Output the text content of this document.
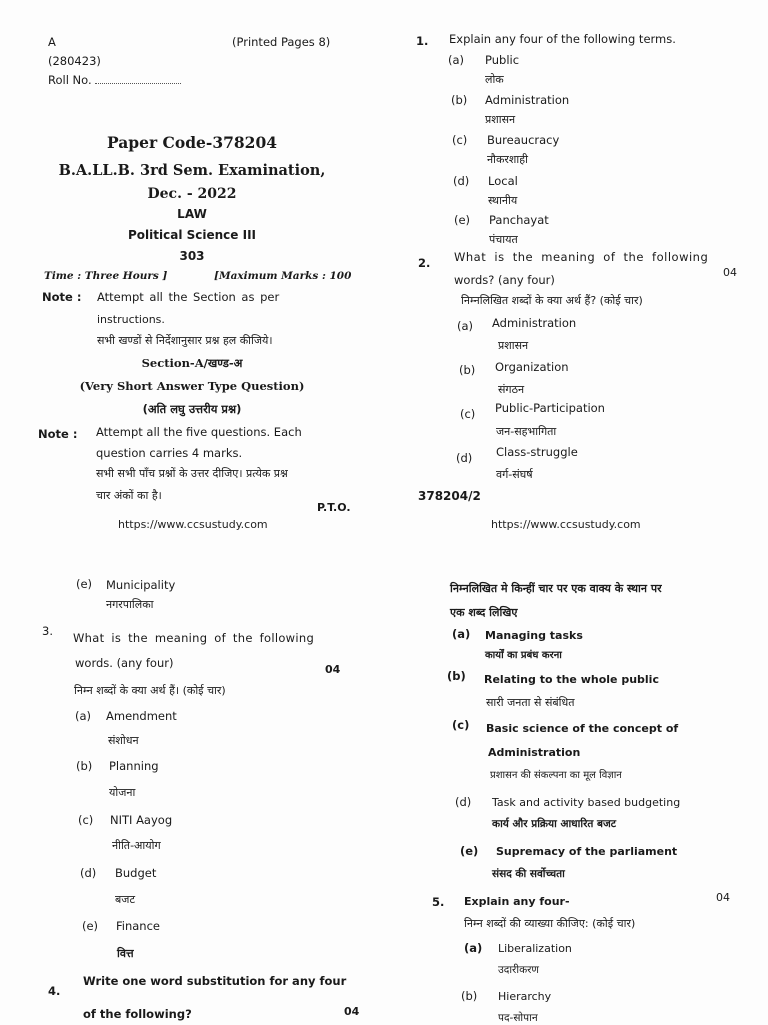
A	(Printed Pages 8)
(280423)
Roll No.
Paper Code-378204
B.A.LL.B. 3rd Sem. Examination,
Dec. - 2022
LAW
Political Science III
303
Time : Three Hours ]	[Maximum Marks : 100
Note : Attempt all the Section as per
instructions.
सभी खण्डों से निर्देशानुसार प्रश्न हल कीजिये।
Section-A/खण्ड-अ
(Very Short Answer Type Question)
(अति लघु उत्तरीय प्रश्न)
Note : Attempt all the five questions. Each
question carries 4 marks.
सभी सभी पाँच प्रश्नों के उत्तर दीजिए। प्रत्येक प्रश्न
चार अंकों का है।
P.T.O.
https://www.ccsustudy.com
1. Explain any four of the following terms.
(a) Public
लोक
(b) Administration
प्रशासन
(c) Bureaucracy
नौकरशाही
(d) Local
स्थानीय
(e) Panchayat
पंचायत
2. What is the meaning of the following
words? (any four)
04
निम्नलिखित शब्दों के क्या अर्थ हैं? (कोई चार)
(a) Administration
प्रशासन
(b) Organization
संगठन
(c) Public-Participation
जन-सहभागिता
(d) Class-struggle
वर्ग-संघर्ष
378204/2
https://www.ccsustudy.com
(e) Municipality
नगरपालिका
3. What is the meaning of the following
words. (any four)	04
निम्न शब्दों के क्या अर्थ हैं। (कोई चार)
(a) Amendment
संशोधन
(b) Planning
योजना
(c) NITI Aayog
नीति-आयोग
(d) Budget
बजट
(e) Finance
वित्त
4.
Write one word substitution for any four
of the following?	04
निम्नलिखित मे किन्हीं चार पर एक वाक्य के स्थान पर
एक शब्द लिखिए
(a) Managing tasks
कार्यों का प्रबंध करना
(b) Relating to the whole public
सारी जनता से संबंधित
(c) Basic science of the concept of
Administration
प्रशासन की संकल्पना का मूल विज्ञान
(d) Task and activity based budgeting
कार्य और प्रक्रिया आधारित बजट
(e) Supremacy of the parliament
संसद की सर्वोच्चता
5. Explain any four-	04
निम्न शब्दों की व्याख्या कीजिए: (कोई चार)
(a) Liberalization
उदारीकरण
(b) Hierarchy
पद-सोपान
